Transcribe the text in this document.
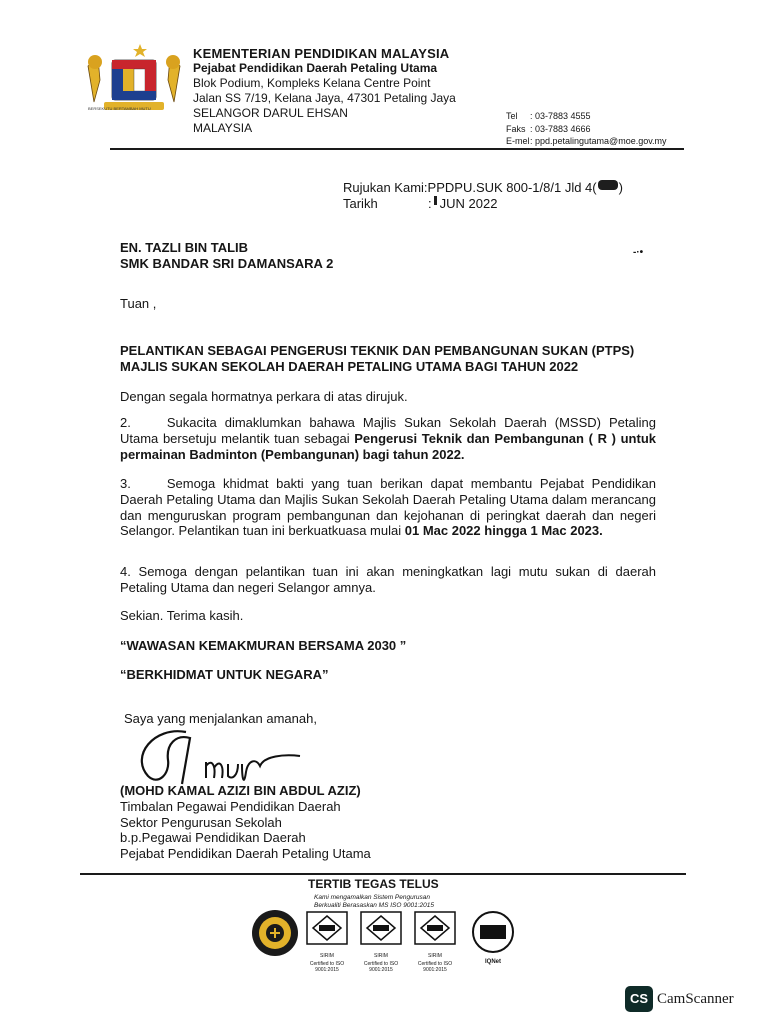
BERSEKUTU BERTAMBAH MUTU
KEMENTERIAN PENDIDIKAN MALAYSIA
Pejabat Pendidikan Daerah Petaling Utama
Blok Podium, Kompleks Kelana Centre Point
Jalan SS 7/19, Kelana Jaya, 47301 Petaling Jaya
SELANGOR DARUL EHSAN
MALAYSIA
Tel	: 03-7883 4555
Faks : 03-7883 4666
E-mel : ppd.petalingutama@moe.gov.my
Rujukan Kami:PPDPU.SUK 800-1/8/1 Jld 4( )
Tarikh	: JUN 2022
EN. TAZLI BIN TALIB
SMK BANDAR SRI DAMANSARA 2
-·•
Tuan ,
PELANTIKAN SEBAGAI PENGERUSI TEKNIK DAN PEMBANGUNAN SUKAN (PTPS)
MAJLIS SUKAN SEKOLAH DAERAH PETALING UTAMA BAGI TAHUN 2022
Dengan segala hormatnya perkara di atas dirujuk.
2.	Sukacita dimaklumkan bahawa Majlis Sukan Sekolah Daerah (MSSD) Petaling Utama bersetuju melantik tuan sebagai Pengerusi Teknik dan Pembangunan ( R ) untuk permainan Badminton (Pembangunan) bagi tahun 2022.
3.	Semoga khidmat bakti yang tuan berikan dapat membantu Pejabat Pendidikan Daerah Petaling Utama dan Majlis Sukan Sekolah Daerah Petaling Utama dalam merancang dan menguruskan program pembangunan dan kejohanan di peringkat daerah dan negeri Selangor. Pelantikan tuan ini berkuatkuasa mulai 01 Mac 2022 hingga 1 Mac 2023.
4. Semoga dengan pelantikan tuan ini akan meningkatkan lagi mutu sukan di daerah Petaling Utama dan negeri Selangor amnya.
Sekian. Terima kasih.
“WAWASAN KEMAKMURAN BERSAMA 2030 ”
“BERKHIDMAT UNTUK NEGARA”
Saya yang menjalankan amanah,
(MOHD KAMAL AZIZI BIN ABDUL AZIZ)
Timbalan Pegawai Pendidikan Daerah
Sektor Pengurusan Sekolah
b.p.Pegawai Pendidikan Daerah
Pejabat Pendidikan Daerah Petaling Utama
TERTIB TEGAS TELUS
Kami mengamalkan Sistem Pengurusan
Berkualiti Berasaskan MS ISO 9001:2015
SIRIM
Certified to ISO 9001:2015
SIRIM
Certified to ISO 9001:2015
SIRIM
Certified to ISO 9001:2015
IQNet
CS CamScanner
